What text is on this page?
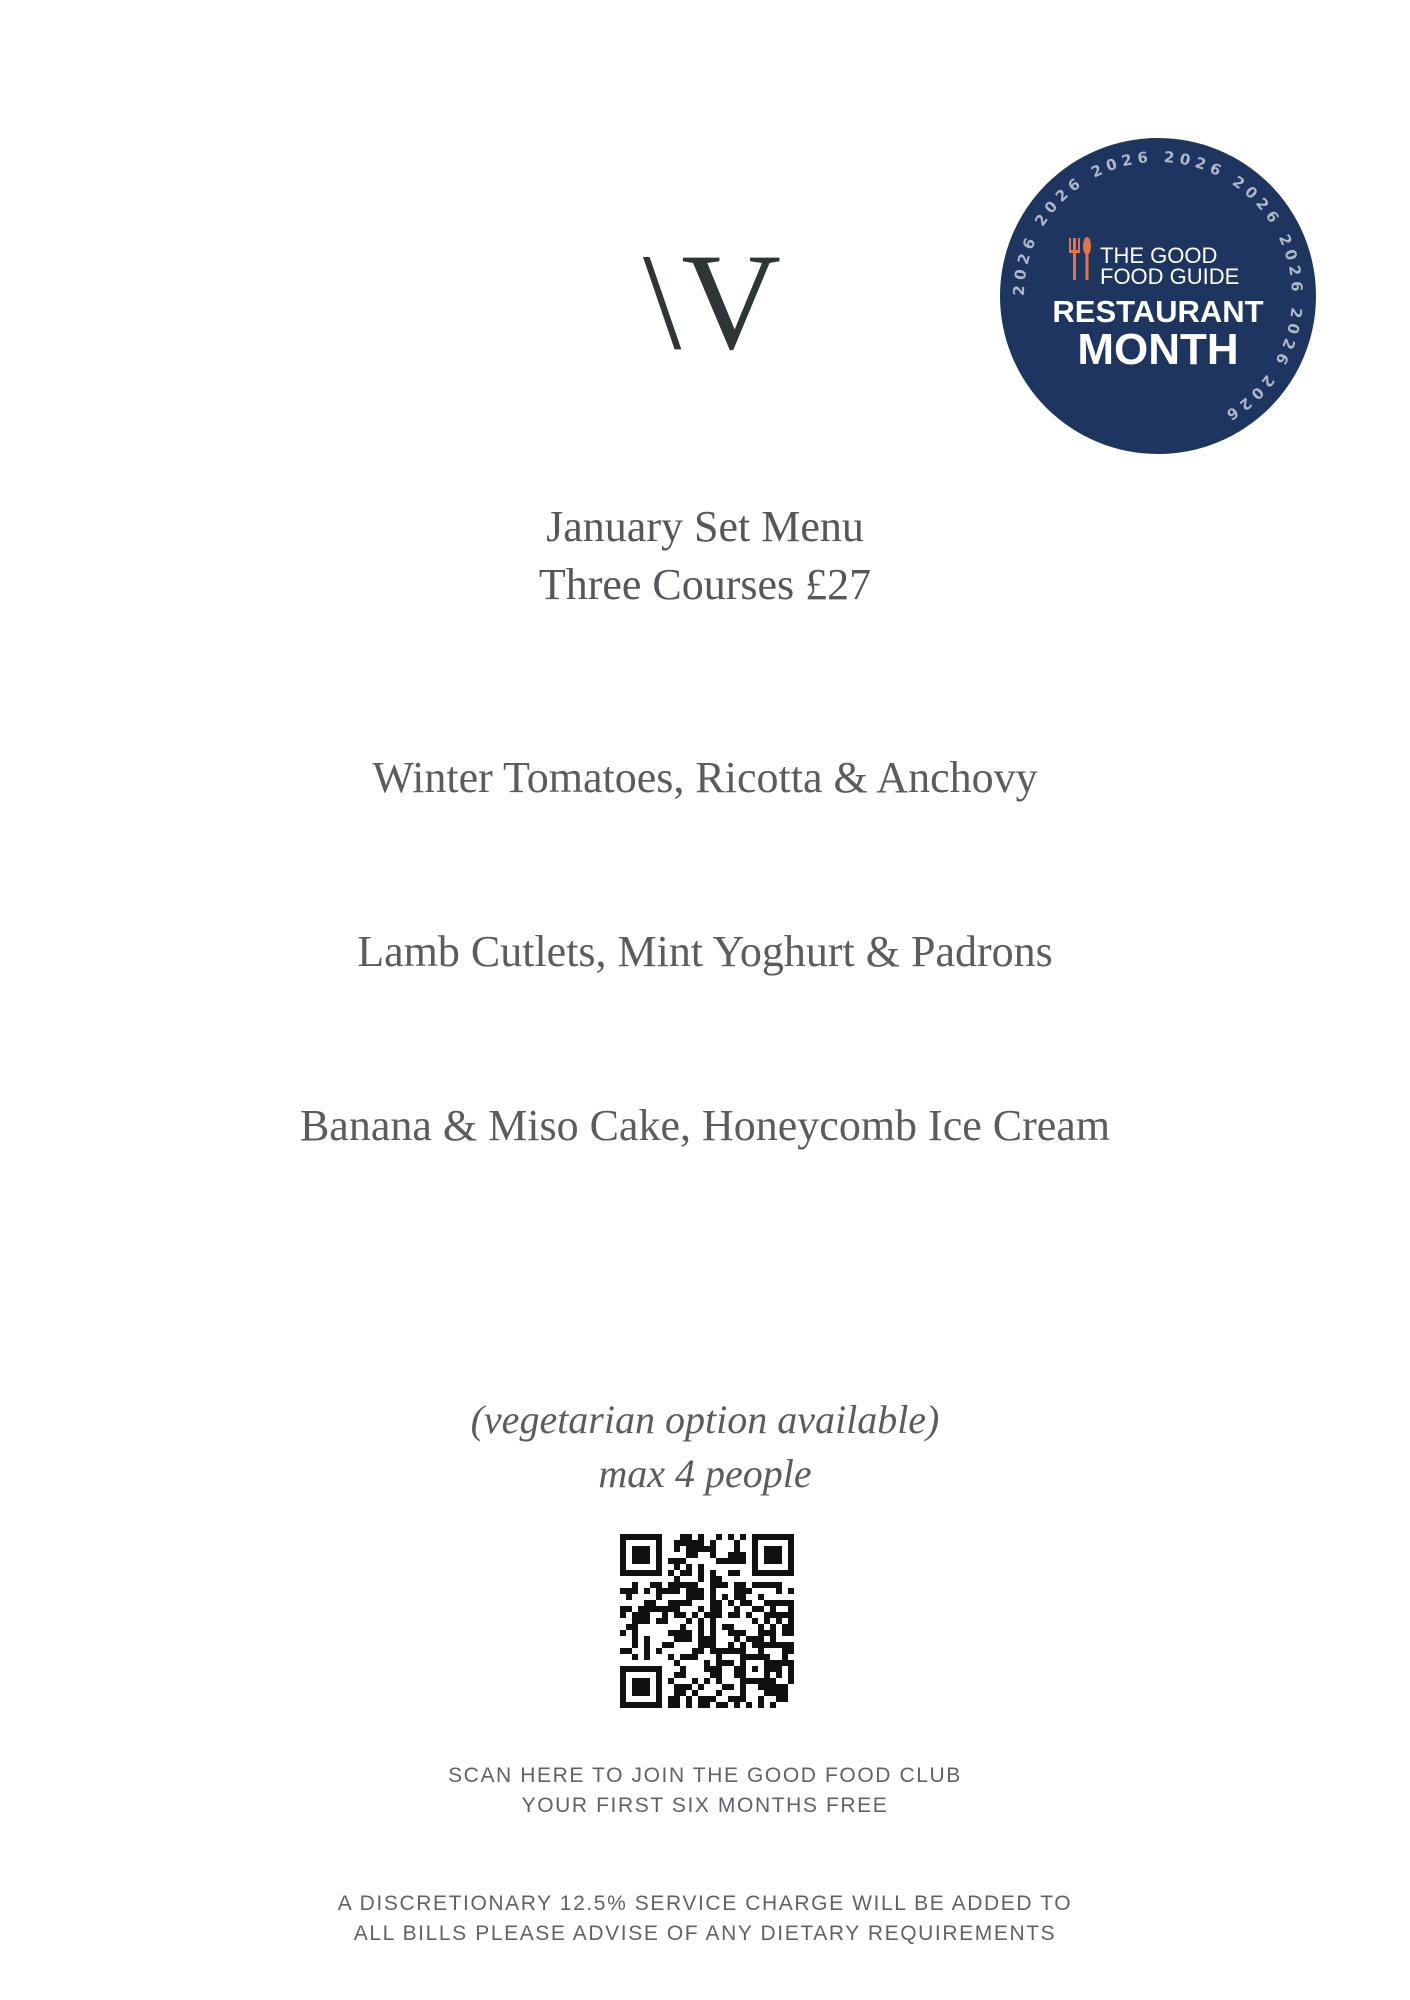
\V	2026 2026 2026 2026 2026 2026 2026 2026
THE GOOD
FOOD GUIDE
RESTAURANT
MONTH
January Set Menu
Three Courses £27
Winter Tomatoes, Ricotta & Anchovy
Lamb Cutlets, Mint Yoghurt & Padrons
Banana & Miso Cake, Honeycomb Ice Cream
(vegetarian option available)
max 4 people
SCAN HERE TO JOIN THE GOOD FOOD CLUB
YOUR FIRST SIX MONTHS FREE
A DISCRETIONARY 12.5% SERVICE CHARGE WILL BE ADDED TO
ALL BILLS PLEASE ADVISE OF ANY DIETARY REQUIREMENTS
